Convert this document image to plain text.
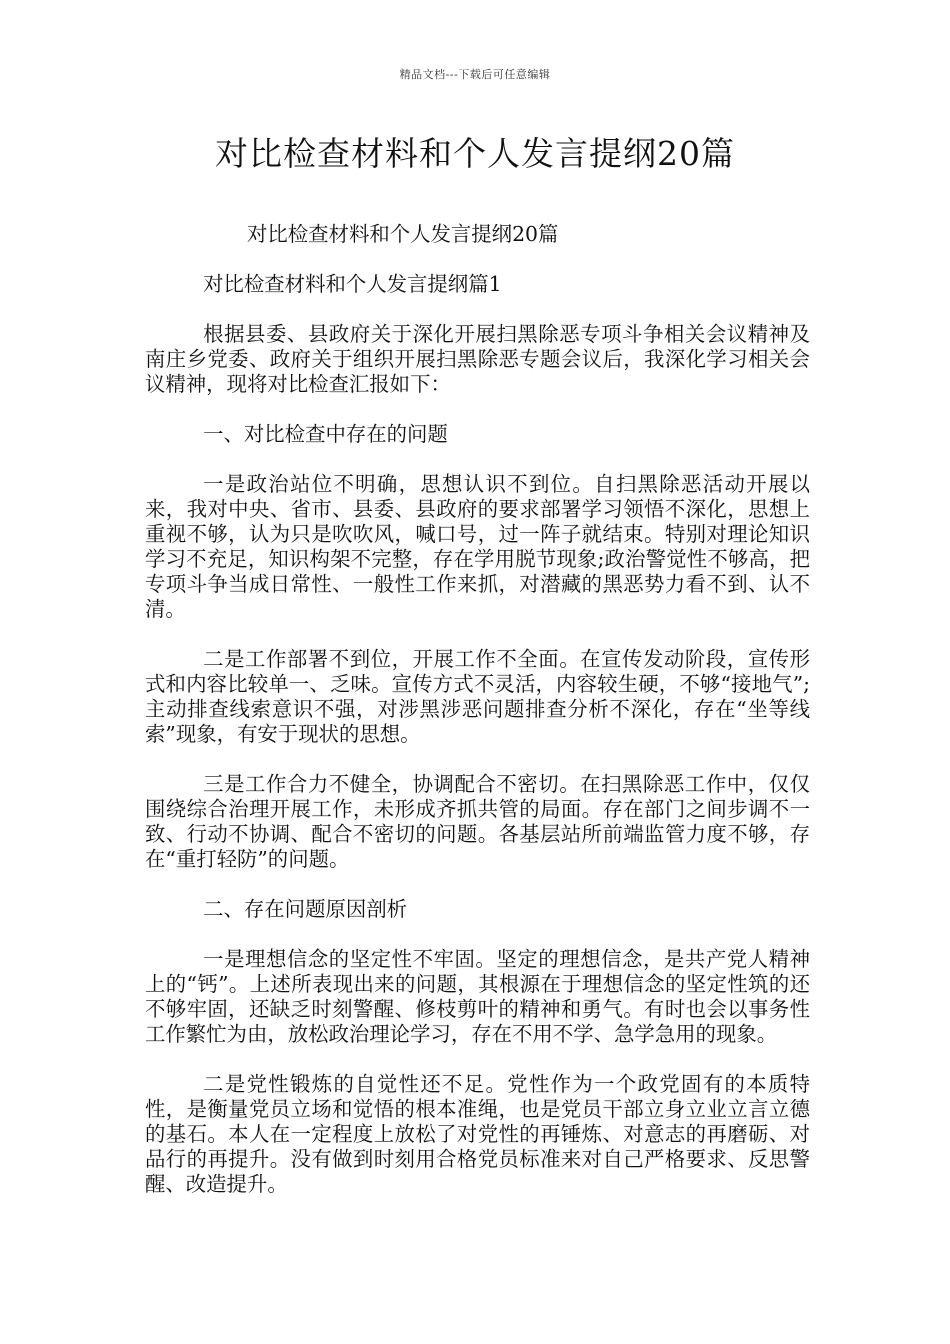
精品文档---下载后可任意编辑
对比检查材料和个人发言提纲20篇

对比检查材料和个人发言提纲20篇

对比检查材料和个人发言提纲篇1

根据县委、县政府关于深化开展扫黑除恶专项斗争相关会议精神及南庄乡党委、政府关于组织开展扫黑除恶专题会议后，我深化学习相关会议精神，现将对比检查汇报如下：

一、对比检查中存在的问题

一是政治站位不明确，思想认识不到位。自扫黑除恶活动开展以来，我对中央、省市、县委、县政府的要求部署学习领悟不深化，思想上重视不够，认为只是吹吹风，喊口号，过一阵子就结束。特别对理论知识学习不充足，知识构架不完整，存在学用脱节现象;政治警觉性不够高，把专项斗争当成日常性、一般性工作来抓，对潜藏的黑恶势力看不到、认不清。

二是工作部署不到位，开展工作不全面。在宣传发动阶段，宣传形式和内容比较单一、乏味。宣传方式不灵活，内容较生硬，不够“接地气”;主动排查线索意识不强，对涉黑涉恶问题排查分析不深化，存在“坐等线索”现象，有安于现状的思想。

三是工作合力不健全，协调配合不密切。在扫黑除恶工作中，仅仅围绕综合治理开展工作，未形成齐抓共管的局面。存在部门之间步调不一致、行动不协调、配合不密切的问题。各基层站所前端监管力度不够，存在“重打轻防”的问题。

二、存在问题原因剖析

一是理想信念的坚定性不牢固。坚定的理想信念，是共产党人精神上的“钙”。上述所表现出来的问题，其根源在于理想信念的坚定性筑的还不够牢固，还缺乏时刻警醒、修枝剪叶的精神和勇气。有时也会以事务性工作繁忙为由，放松政治理论学习，存在不用不学、急学急用的现象。

二是党性锻炼的自觉性还不足。党性作为一个政党固有的本质特性，是衡量党员立场和觉悟的根本准绳，也是党员干部立身立业立言立德的基石。本人在一定程度上放松了对党性的再锤炼、对意志的再磨砺、对品行的再提升。没有做到时刻用合格党员标准来对自己严格要求、反思警醒、改造提升。
